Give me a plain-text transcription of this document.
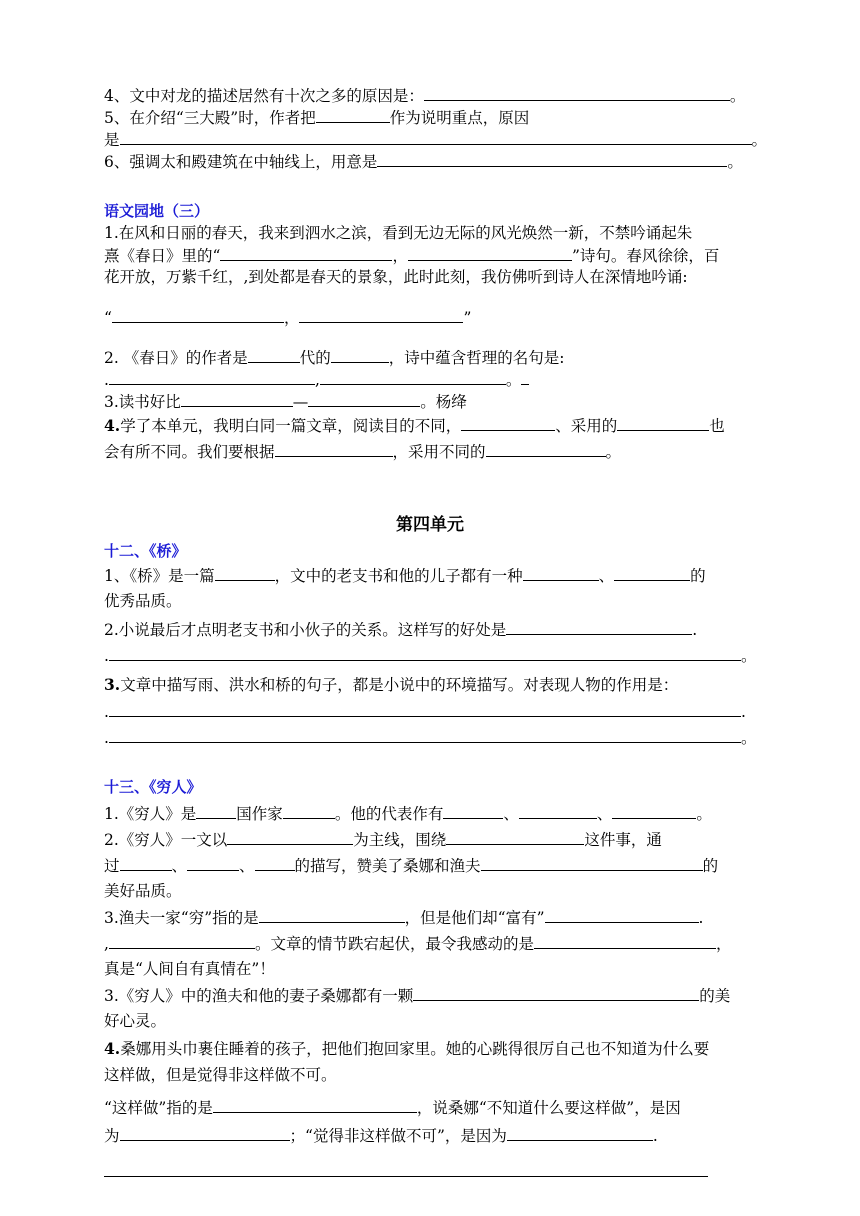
4、文中对龙的描述居然有十次之多的原因是：	。
5、在介绍“三大殿”时，作者把	作为说明重点，原因
是	。
6、强调太和殿建筑在中轴线上，用意是	。
语文园地（三）
1.在风和日丽的春天，我来到泗水之滨，看到无边无际的风光焕然一新，不禁吟诵起朱
熹《春日》里的“	，	”诗句。春风徐徐，百
花开放，万紫千红，,到处都是春天的景象，此时此刻，我仿佛听到诗人在深情地吟诵:
“	，	”
2. 《春日》的作者是	代的	，诗中蕴含哲理的名句是:
.	,	。
3.读书好比	—	。杨绛
4.学了本单元，我明白同一篇文章，阅读目的不同，	、采用的	也
会有所不同。我们要根据	，采用不同的	。
第四单元
十二、《桥》
1、《桥》是一篇	，文中的老支书和他的儿子都有一种	、	的
优秀品质。
2.小说最后才点明老支书和小伙子的关系。这样写的好处是	.
.	。
3.文章中描写雨、洪水和桥的句子，都是小说中的环境描写。对表现人物的作用是：
.	.
.	。
十三、《穷人》
1.《穷人》是	国作家	。他的代表作有	、	、	。
2.《穷人》一文以	为主线，围绕	这件事，通
过	、	、	的描写，赞美了桑娜和渔夫	的
美好品质。
3.渔夫一家“穷”指的是	，但是他们却“富有”	.
,	。文章的情节跌宕起伏，最令我感动的是	，
真是“人间自有真情在”！
3.《穷人》中的渔夫和他的妻子桑娜都有一颗	的美
好心灵。
4.桑娜用头巾裹住睡着的孩子，把他们抱回家里。她的心跳得很厉自己也不知道为什么要
这样做，但是觉得非这样做不可。
“这样做”指的是	，说桑娜“不知道什么要这样做”，是因
为	；“觉得非这样做不可”，是因为	.
